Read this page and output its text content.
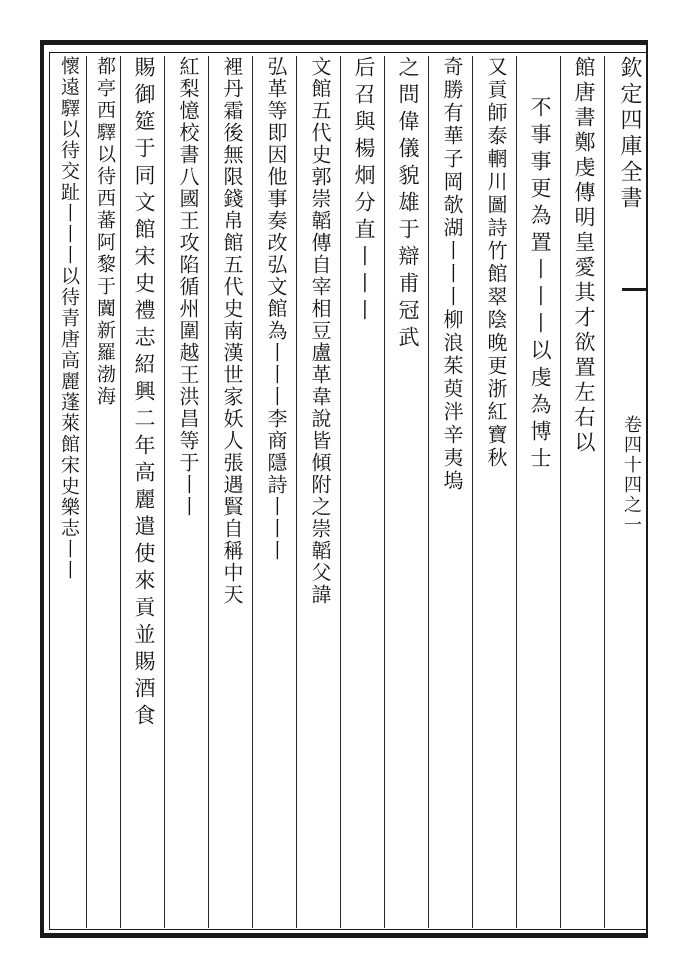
欽定四庫全書
卷四十四之一
館唐書鄭虔傳明皇愛其才欲置左右以
不事事更為置丨丨丨以虔為博士
又貢師泰輞川圖詩竹館翠陰晚更浙紅寶秋
奇勝有華子岡欹湖丨丨丨柳浪茱萸泮辛夷塢
之問偉儀貌雄于辯甫冠武
后召與楊炯分直丨丨丨
文館五代史郭崇韜傳自宰相豆盧革韋說皆傾附之崇韜父諱
弘革等即因他事奏改弘文館為丨丨丨李商隱詩丨丨丨
裡丹霜後無限錢帛館五代史南漢世家妖人張遇賢自稱中天
紅梨憶校書八國王攻陷循州圍越王洪昌等于丨丨
賜御筵于同文館宋史禮志紹興二年高麗遣使來貢並賜酒食
都亭西驛以待西蕃阿黎于闐新羅渤海
懷遠驛以待交趾丨丨丨以待青唐高麗蓬萊館宋史樂志丨丨
